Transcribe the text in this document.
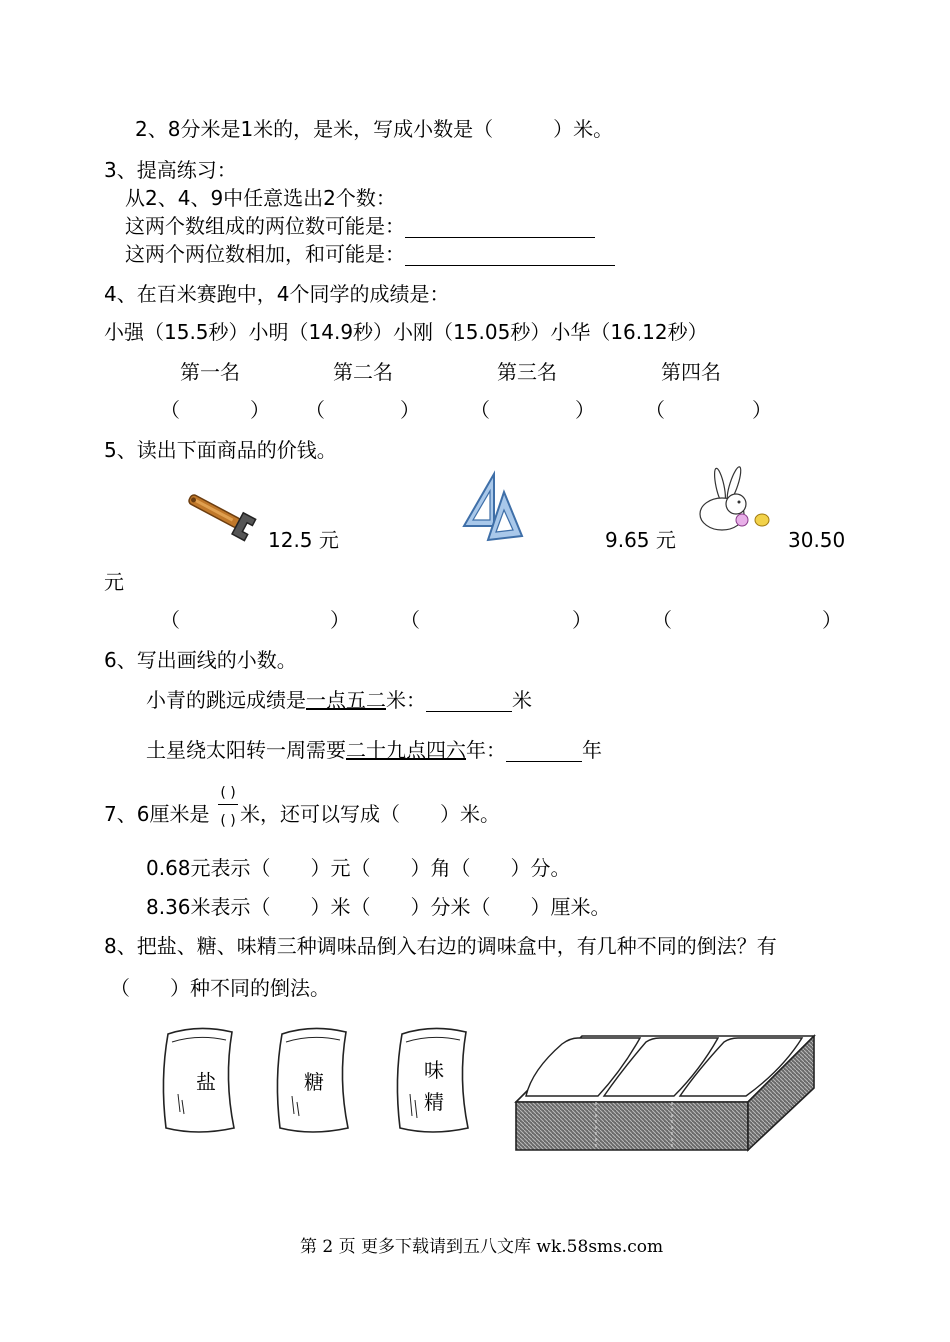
2、8分米是1米的，是米，写成小数是（　　　）米。
3、提高练习：
从2、4、9中任意选出2个数：
这两个数组成的两位数可能是：
这两个两位数相加，和可能是：
4、在百米赛跑中，4个同学的成绩是：
小强（15.5秒）小明（14.9秒）小刚（15.05秒）小华（16.12秒）
第一名	第二名	第三名	第四名
（	） （	）	（	）	（	）
5、读出下面商品的价钱。
12.5 元	9.65 元	30.50
元
（	）	（	）	（	）
6、写出画线的小数。
小青的跳远成绩是一点五二米：	米
土星绕太阳转一周需要二十九点四六年：	年
7、6厘米是
( )
( ) 米，还可以写成（　　）米。
0.68元表示（　　）元（　　）角（　　）分。
8.36米表示（　　）米（　　）分米（　　）厘米。
8、把盐、糖、味精三种调味品倒入右边的调味盒中，有几种不同的倒法？有
（　　）种不同的倒法。
盐	糖	味
精
第 2 页 更多下载请到五八文库 wk.58sms.com
